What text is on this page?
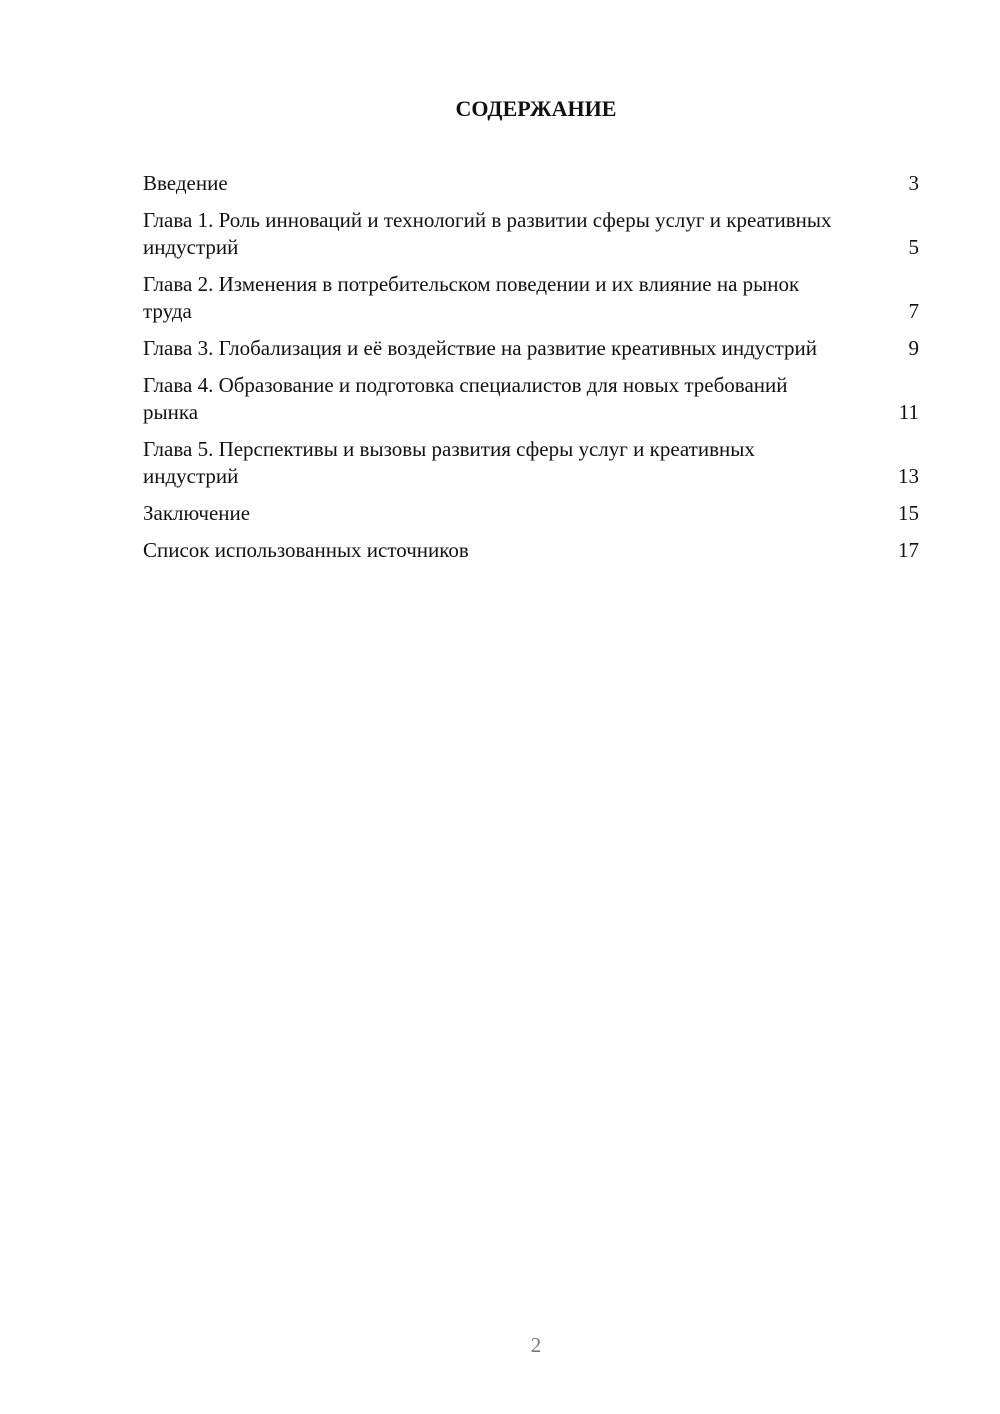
СОДЕРЖАНИЕ
Введение	3
Глава 1. Роль инноваций и технологий в развитии сферы услуг и креативных индустрий	5
Глава 2. Изменения в потребительском поведении и их влияние на рынок труда	7
Глава 3. Глобализация и её воздействие на развитие креативных индустрий	9
Глава 4. Образование и подготовка специалистов для новых требований рынка	11
Глава 5. Перспективы и вызовы развития сферы услуг и креативных индустрий	13
Заключение	15
Список использованных источников	17
2
